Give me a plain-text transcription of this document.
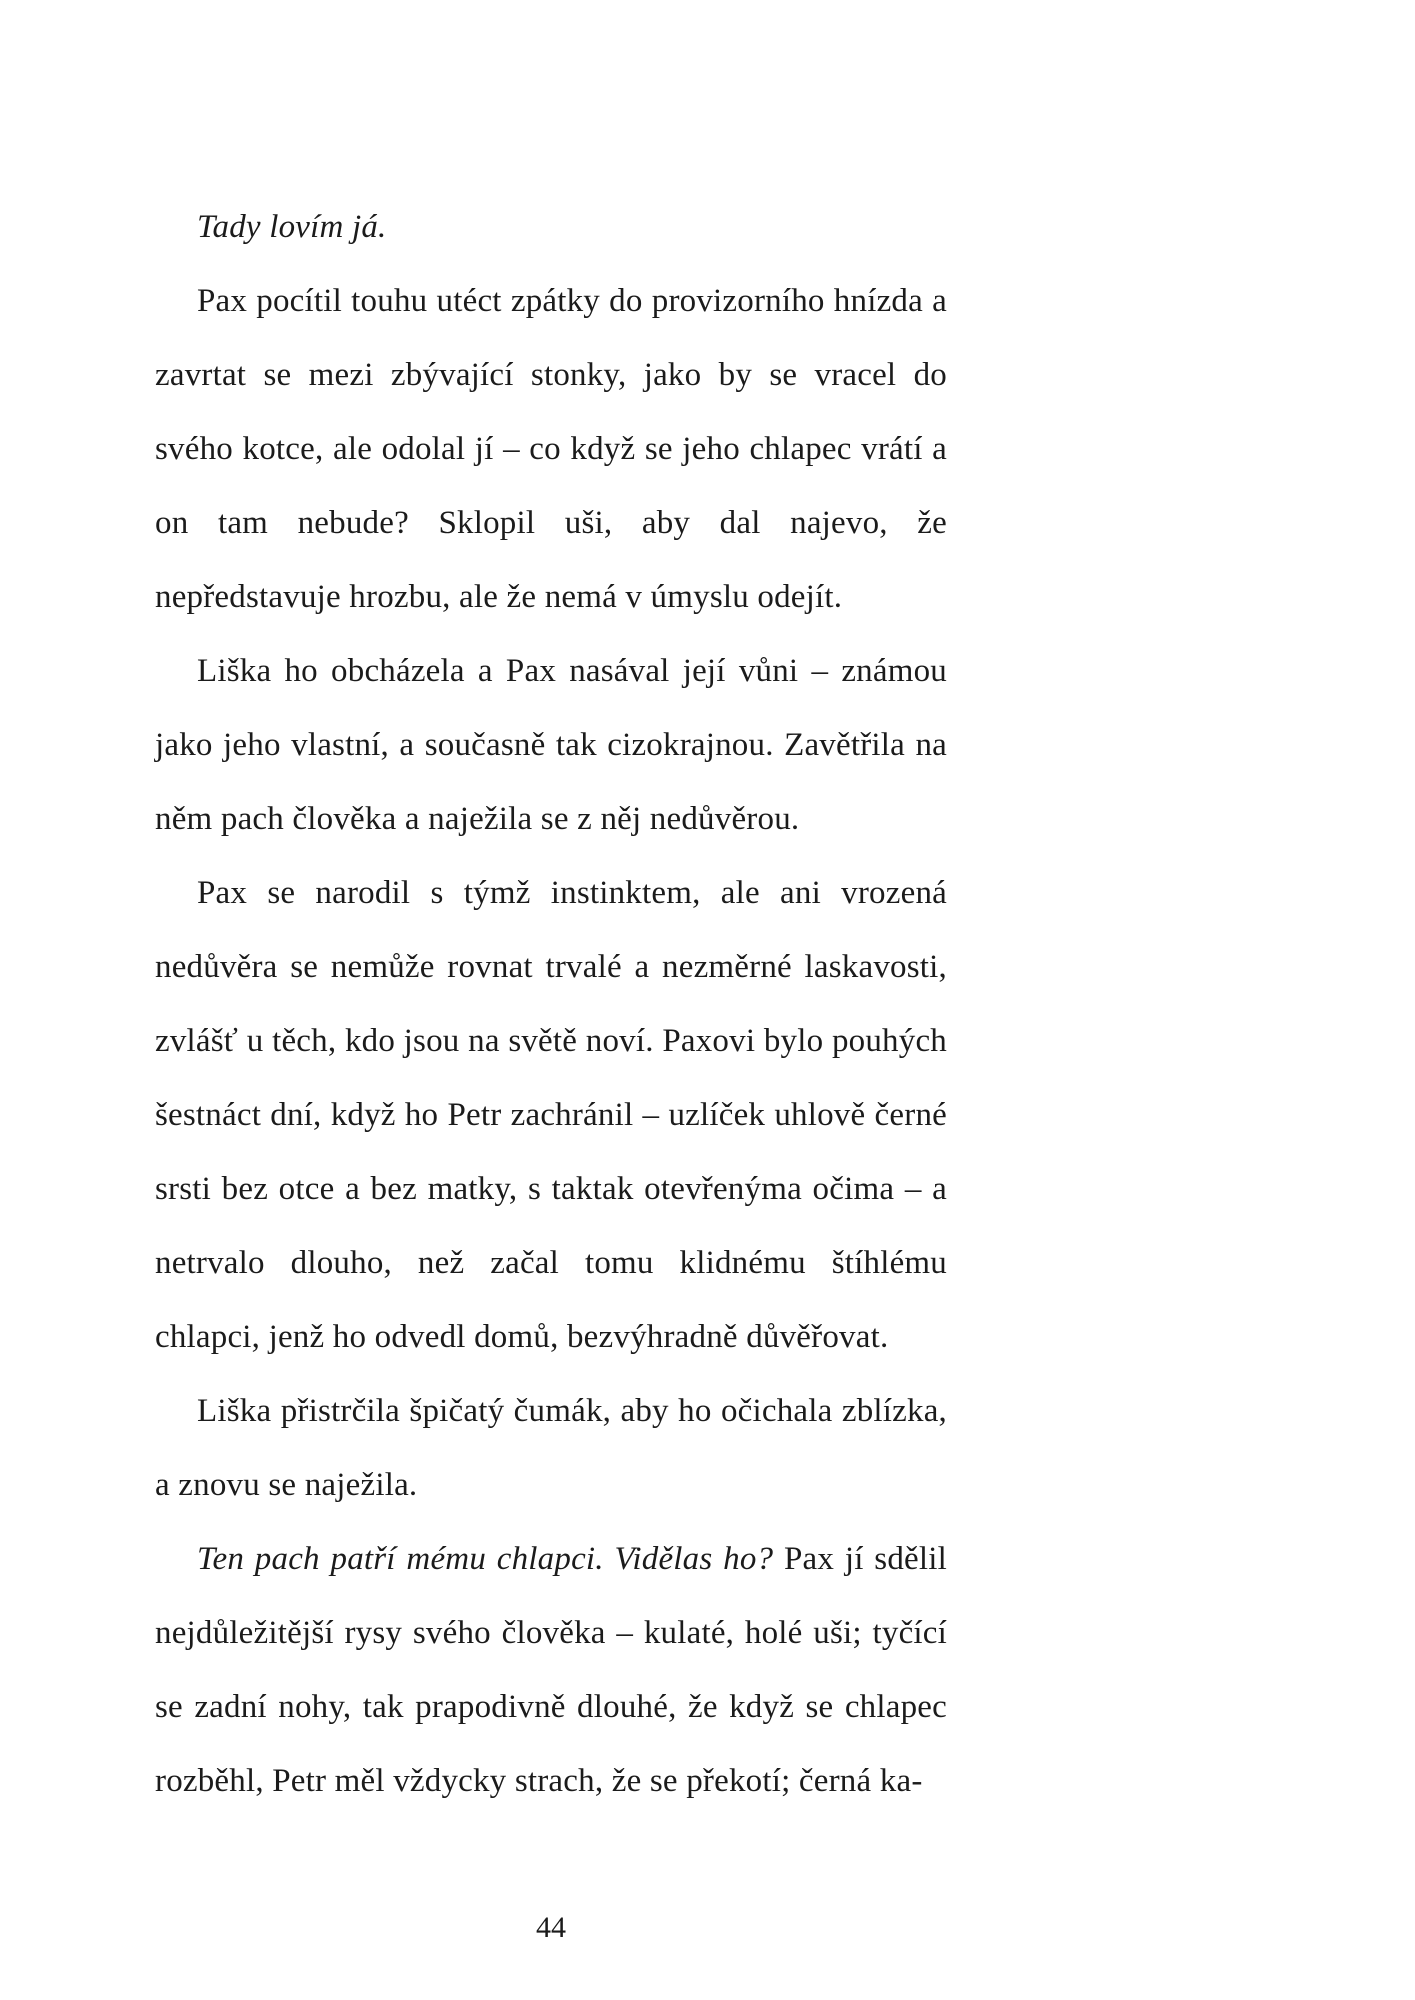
Tady lovím já.

Pax pocítil touhu utéct zpátky do provizorního hnízda a zavrtat se mezi zbývající stonky, jako by se vracel do svého kotce, ale odolal jí – co když se jeho chlapec vrátí a on tam nebude? Sklopil uši, aby dal najevo, že nepředstavuje hrozbu, ale že nemá v úmyslu odejít.

Liška ho obcházela a Pax nasával její vůni – známou jako jeho vlastní, a současně tak cizokrajnou. Zavětřila na něm pach člověka a naježila se z něj nedůvěrou.

Pax se narodil s týmž instinktem, ale ani vrozená nedůvěra se nemůže rovnat trvalé a nezměrné laskavosti, zvlášť u těch, kdo jsou na světě noví. Paxovi bylo pouhých šestnáct dní, když ho Petr zachránil – uzlíček uhlově černé srsti bez otce a bez matky, s taktak otevřenýma očima – a netrvalo dlouho, než začal tomu klidnému štíhlému chlapci, jenž ho odvedl domů, bezvýhradně důvěřovat.

Liška přistrčila špičatý čumák, aby ho očichala zblízka, a znovu se naježila.

Ten pach patří mému chlapci. Vidělas ho? Pax jí sdělil nejdůležitější rysy svého člověka – kulaté, holé uši; tyčící se zadní nohy, tak prapodivně dlouhé, že když se chlapec rozběhl, Petr měl vždycky strach, že se překotí; černá ka-

44
